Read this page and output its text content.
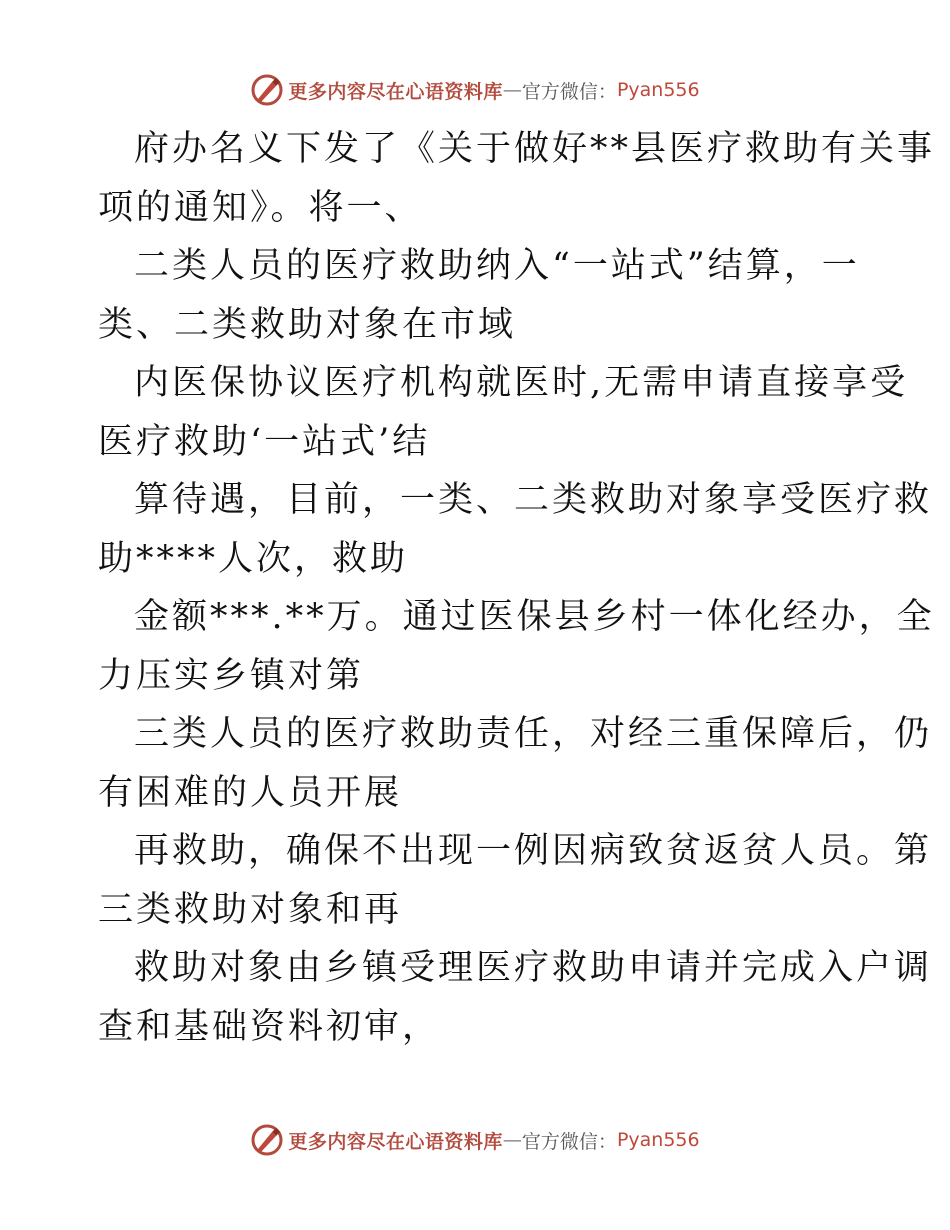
更多内容尽在心语资料库 — 官方微信： Pyan556
府办名义下发了《关于做好**县医疗救助有关事
项的通知》。将一、
二类人员的医疗救助纳入“一站式”结算，一
类、二类救助对象在市域
内医保协议医疗机构就医时,无需申请直接享受
医疗救助‘一站式’结
算待遇，目前，一类、二类救助对象享受医疗救
助****人次，救助
金额***.**万。通过医保县乡村一体化经办，全
力压实乡镇对第
三类人员的医疗救助责任，对经三重保障后，仍
有困难的人员开展
再救助，确保不出现一例因病致贫返贫人员。第
三类救助对象和再
救助对象由乡镇受理医疗救助申请并完成入户调
查和基础资料初审，
更多内容尽在心语资料库 — 官方微信： Pyan556
